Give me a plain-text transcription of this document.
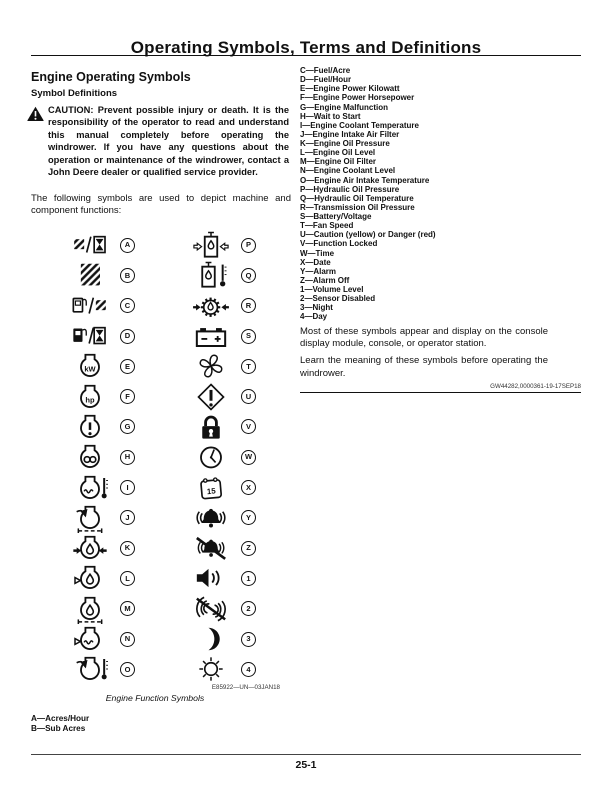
Operating Symbols, Terms and Definitions
Engine Operating Symbols
Symbol Definitions

CAUTION: Prevent possible injury or death. It is the responsibility of the operator to read and understand this manual completely before operating the windrower. If you have any questions about the operation or maintenance of the windrower, contact a John Deere dealer or qualified service provider.

The following symbols are used to depict machine and component functions:

A
B
C
D
E
F
G
H
I
J
K
L
M
N
O
P
Q
R
S
T
U
V
W
X
Y
Z
1
2
3
4
E85922—UN—03JAN18
Engine Function Symbols
A—Acres/Hour
B—Sub Acres
C—Fuel/Acre
D—Fuel/Hour
E—Engine Power Kilowatt
F—Engine Power Horsepower
G—Engine Malfunction
H—Wait to Start
I—Engine Coolant Temperature
J—Engine Intake Air Filter
K—Engine Oil Pressure
L—Engine Oil Level
M—Engine Oil Filter
N—Engine Coolant Level
O—Engine Air Intake Temperature
P—Hydraulic Oil Pressure
Q—Hydraulic Oil Temperature
R—Transmission Oil Pressure
S—Battery/Voltage
T—Fan Speed
U—Caution (yellow) or Danger (red)
V—Function Locked
W—Time
X—Date
Y—Alarm
Z—Alarm Off
1—Volume Level
2—Sensor Disabled
3—Night
4—Day

Most of these symbols appear and display on the console display module, console, or operator station.

Learn the meaning of these symbols before operating the windrower.

GW44282,0000361-19-17SEP18
25-1
